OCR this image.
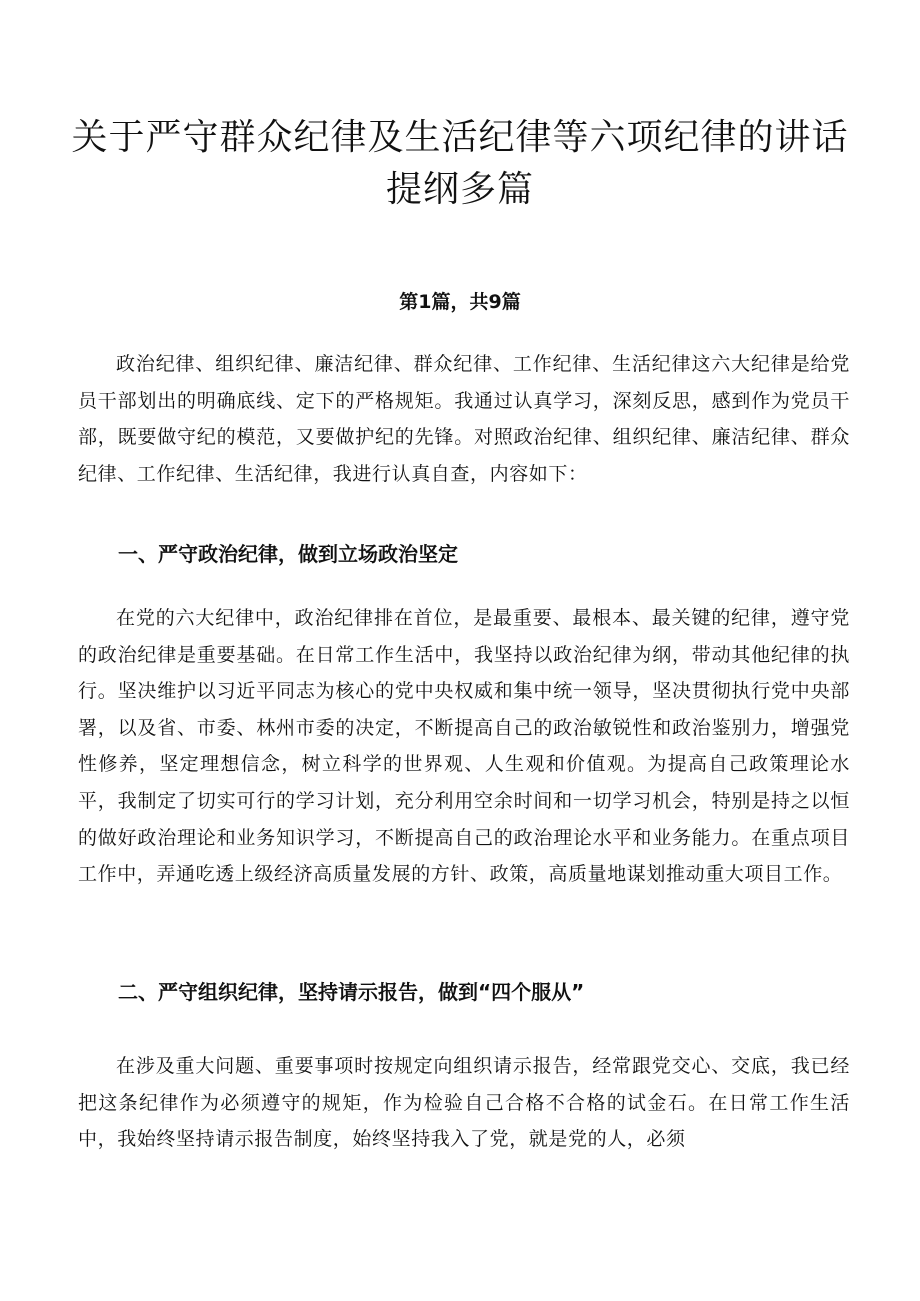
关于严守群众纪律及生活纪律等六项纪律的讲话提纲多篇
第1篇，共9篇

政治纪律、组织纪律、廉洁纪律、群众纪律、工作纪律、生活纪律这六大纪律是给党员干部划出的明确底线、定下的严格规矩。我通过认真学习，深刻反思，感到作为党员干部，既要做守纪的模范，又要做护纪的先锋。对照政治纪律、组织纪律、廉洁纪律、群众纪律、工作纪律、生活纪律，我进行认真自查，内容如下：

一、严守政治纪律，做到立场政治坚定

在党的六大纪律中，政治纪律排在首位，是最重要、最根本、最关键的纪律，遵守党的政治纪律是重要基础。在日常工作生活中，我坚持以政治纪律为纲，带动其他纪律的执行。坚决维护以习近平同志为核心的党中央权威和集中统一领导，坚决贯彻执行党中央部署，以及省、市委、林州市委的决定，不断提高自己的政治敏锐性和政治鉴别力，增强党性修养，坚定理想信念，树立科学的世界观、人生观和价值观。为提高自己政策理论水平，我制定了切实可行的学习计划，充分利用空余时间和一切学习机会，特别是持之以恒的做好政治理论和业务知识学习，不断提高自己的政治理论水平和业务能力。在重点项目工作中，弄通吃透上级经济高质量发展的方针、政策，高质量地谋划推动重大项目工作。

二、严守组织纪律，坚持请示报告，做到“四个服从”

在涉及重大问题、重要事项时按规定向组织请示报告，经常跟党交心、交底，我已经把这条纪律作为必须遵守的规矩，作为检验自己合格不合格的试金石。在日常工作生活中，我始终坚持请示报告制度，始终坚持我入了党，就是党的人，必须
